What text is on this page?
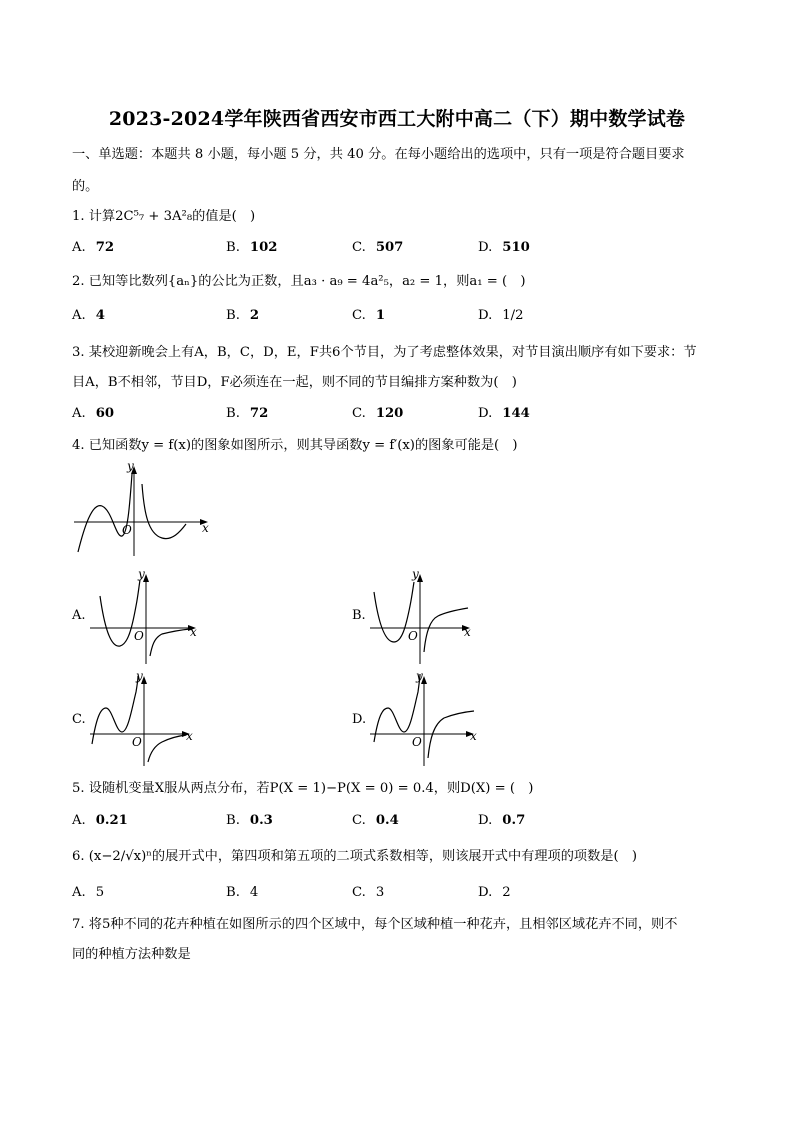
2023-2024学年陕西省西安市西工大附中高二（下）期中数学试卷
一、单选题：本题共 8 小题，每小题 5 分，共 40 分。在每小题给出的选项中，只有一项是符合题目要求
的。
1. 计算2C⁵₇ + 3A²₈的值是(　)
A. 72	B. 102	C. 507	D. 510
2. 已知等比数列{aₙ}的公比为正数，且a₃ · a₉ = 4a²₅，a₂ = 1，则a₁ = (　)
A. 4	B. 2	C. 1	D. 1/2
3. 某校迎新晚会上有A，B，C，D，E，F共6个节目，为了考虑整体效果，对节目演出顺序有如下要求：节
目A，B不相邻，节目D，F必须连在一起，则不同的节目编排方案种数为(　)
A. 60	B. 72	C. 120	D. 144
4. 已知函数y = f(x)的图象如图所示，则其导函数y = f′(x)的图象可能是(　)
y
x
O
A.
y
x
O
B.
y
x
O
C.
y
x
O
D.
y
x
O
5. 设随机变量X服从两点分布，若P(X = 1)−P(X = 0) = 0.4，则D(X) = (　)
A. 0.21	B. 0.3	C. 0.4	D. 0.7
6. (x−2/√x)ⁿ的展开式中，第四项和第五项的二项式系数相等，则该展开式中有理项的项数是(　)
A. 5	B. 4	C. 3	D. 2
7. 将5种不同的花卉种植在如图所示的四个区域中，每个区域种植一种花卉，且相邻区域花卉不同，则不
同的种植方法种数是
